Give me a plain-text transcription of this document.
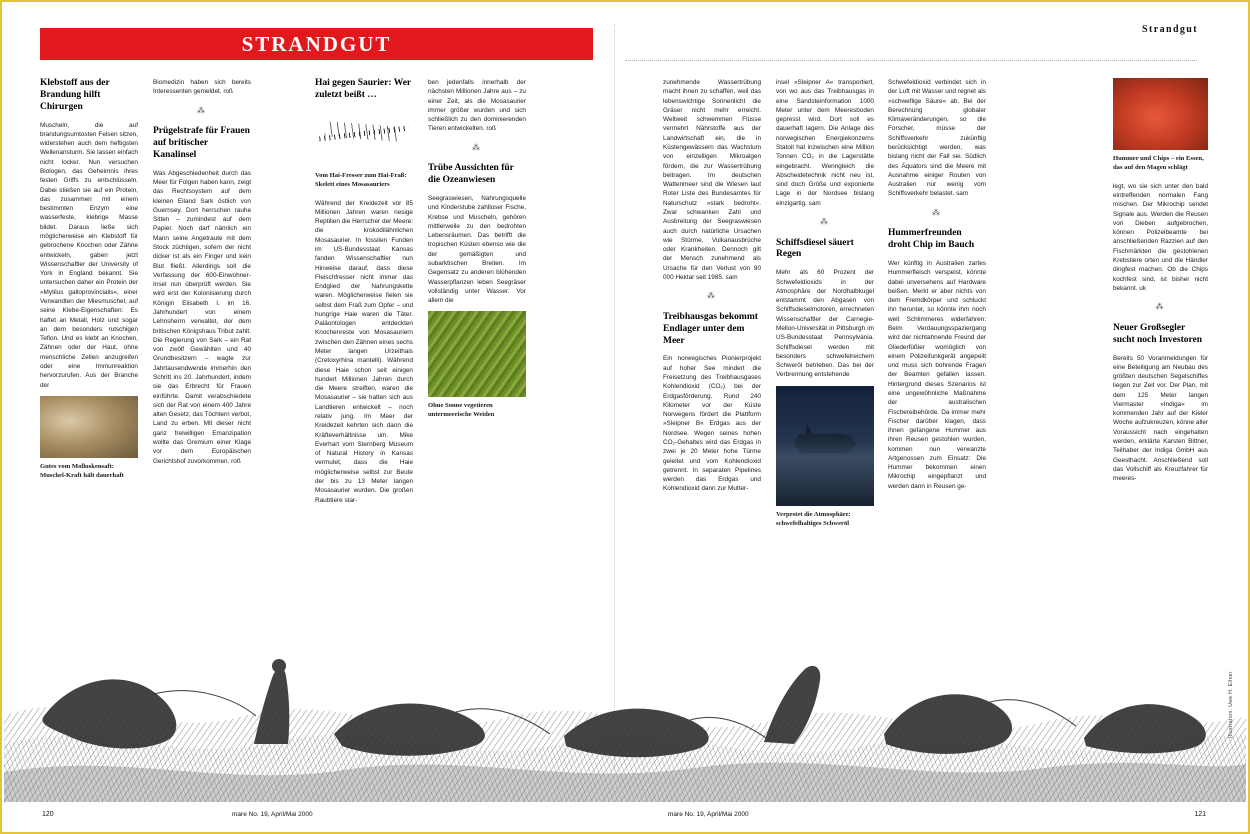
STRANDGUT
Strandgut
Klebstoff aus der Brandung hilft Chirurgen

Muscheln, die auf brandungsumtosten Felsen sitzen, widerstehen auch dem heftigsten Wellenansturm. Sie lassen einfach nicht locker. Nun versuchen Biologen, das Geheimnis ihres festen Griffs zu entschlüsseln. Dabei stießen sie auf ein Protein, das zusammen mit einem bestimmten Enzym eine wasserfeste, klebrige Masse bildet. Daraus ließe sich möglicherweise ein Klebstoff für gebrochene Knochen oder Zähne entwickeln, gaben jetzt Wissenschaftler der University of York in England bekannt. Sie untersuchen daher ein Protein der »Mytilus galloprovincialis«, einer Verwandten der Miesmuschel, auf seine Klebe-Eigenschaften: Es haftet an Metall, Holz und sogar an dem besonders rutschigen Teflon. Und es klebt an Knochen, Zähnen oder der Haut, ohne menschliche Zellen anzugreifen oder eine Immunreaktion hervorzurufen. Aus der Branche der

Gutes vom Molluskensaft: Muschel-Kraft hält dauerhaft

Biomedizin haben sich bereits Interessenten gemeldet. roß

⁂
Prügelstrafe für Frauen auf britischer Kanalinsel

Was Abgeschiedenheit durch das Meer für Folgen haben kann, zeigt das Rechtssystem auf dem kleinen Eiland Sark östlich von Guernsey. Dort herrschen rauhe Sitten – zumindest auf dem Papier. Noch darf nämlich ein Mann seine Angetraute mit dem Stock züchtigen, sofern der nicht dicker ist als ein Finger und kein Blut fließt. Allerdings soll die Verfassung der 600-Einwohner-Insel nun überprüft werden. Sie wird erst der Kolonisierung durch Königin Elisabeth I. im 16. Jahrhundert von einem Lehnsherrn verwaltet, der dem britischen Königshaus Tribut zahlt. Die Regierung von Sark – ein Rat von zwölf Gewählten und 40 Grundbesitzern – wagte zur Jahrtausendwende immerhin den Schritt ins 20. Jahrhundert, indem sie das Erbrecht für Frauen einführte. Damit verabschiedete sich der Rat von einem 400 Jahre alten Gesetz, das Töchtern verbot, Land zu erben. Mit dieser nicht ganz freiwilligen Emanzipation wollte das Gremium einer Klage vor dem Europäischen Gerichtshof zuvorkommen. roß

Hai gegen Saurier: Wer zuletzt beißt …
Vom Hai-Fresser zum Hai-Fraß: Skelett eines Mosasauriers

Während der Kreidezeit vor 85 Millionen Jahren waren riesige Reptilien die Herrscher der Meere: die krokodilähnlichen Mosasaurier. In fossilen Funden im US-Bundesstaat Kansas fanden Wissenschaftler nun Hinweise darauf, dass diese Fleischfresser nicht immer das Endglied der Nahrungskette waren. Möglicherweise fielen sie selbst dem Fraß zum Opfer – und hungrige Haie waren die Täter. Paläontologen entdeckten Knochenreste von Mosasauriern zwischen den Zähnen eines sechs Meter langen Urzeithais (Cretoxyrhina mantelli). Während diese Haie schon seit einigen hundert Millionen Jahren durch die Meere streiften, waren die Mosasaurier – sie hatten sich aus Landtieren entwickelt – noch relativ jung. Im Meer der Kreidezeit kehrten sich dann die Kräfteverhältnisse um. Mike Everhart vom Sternberg Museum of Natural History in Kansas vermutet, dass die Haie möglicherweise selbst zur Beute der bis zu 13 Meter langen Mosasaurier wurden. Die großen Raubtiere star-

ben jedenfalls innerhalb der nächsten Millionen Jahre aus – zu einer Zeit, als die Mosasaurier immer größer wurden und sich schließlich zu den dominierenden Tieren entwickelten. roß

⁂
Trübe Aussichten für die Ozeanwiesen

Seegraswiesen, Nahrungsquelle und Kinderstube zahlloser Fische, Krebse und Muscheln, gehören mittlerweile zu den bedrohten Lebensräumen. Das betrifft die tropischen Küsten ebenso wie die der gemäßigten und subarktischen Breiten. Im Gegensatz zu anderen blühenden Wasserpflanzen leben Seegräser vollständig unter Wasser. Vor allem die

Ohne Sonne vegetieren untermeerische Weiden

zunehmende Wassertrübung macht ihnen zu schaffen, weil das lebenswichtige Sonnenlicht die Gräser nicht mehr erreicht. Weltweit schwemmen Flüsse vermehrt Nährstoffe aus der Landwirtschaft ein, die in Küstengewässern das Wachstum von einzelligen Mikroalgen fördern, die zur Wassertrübung beitragen. Im deutschen Wattenmeer sind die Wiesen laut Roter Liste des Bundesamtes für Naturschutz »stark bedroht«. Zwar schwanken Zahl und Ausbreitung der Seegraswiesen auch durch natürliche Ursachen wie Stürme, Vulkanausbrüche oder Krankheiten. Dennoch gilt der Mensch zunehmend als Ursache für den Verlust von 90 000 Hektar seit 1985. sam

⁂
Treibhausgas bekommt Endlager unter dem Meer

Ein norwegisches Pionierprojekt auf hoher See mindert die Freisetzung des Treibhausgases Kohlendioxid (CO₂) bei der Erdgasförderung. Rund 240 Kilometer vor der Küste Norwegens fördert die Plattform »Sleipner B« Erdgas aus der Nordsee. Wegen seines hohen CO₂-Gehaltes wird das Erdgas in zwei je 20 Meter hohe Türme geleitet und vom Kohlendioxid getrennt. In separaten Pipelines werden das Erdgas und Kohlendioxid dann zur Mutter-

insel »Sleipner A« transportiert, von wo aus das Treibhausgas in eine Sandsteinformation 1000 Meter unter dem Meeresboden gepresst wird. Dort soll es dauerhaft lagern. Die Anlage des norwegischen Energiekonzerns Statoil hat inzwischen eine Million Tonnen CO₂ in die Lagerstätte eingebracht. Wenngleich die Abscheidetechnik nicht neu ist, sind doch Größe und exponierte Lage in der Nordsee bislang einzigartig. sam

⁂
Schiffsdiesel säuert Regen

Mehr als 60 Prozent der Schwefeldioxids in der Atmosphäre der Nordhalbkugel entstammt den Abgasen von Schiffsdieselmotoren, errechneten Wissenschaftler der Carnegie-Mellon-Universität in Pittsburgh im US-Bundesstaat Pennsylvania. Schiffsdiesel werden mit besonders schwefelreichem Schweröl betrieben. Das bei der Verbrennung entstehende

Verpestet die Atmosphäre: schwefelhaltiges Schweröl

Schwefeldioxid verbindet sich in der Luft mit Wasser und regnet als »schweflige Säure« ab. Bei der Berechnung globaler Klimaveränderungen, so die Forscher, müsse der Schiffsverkehr zukünftig berücksichtigt werden, was bislang nicht der Fall sei. Südlich des Äquators sind die Meere mit Ausnahme einiger Routen von Australien nur wenig vom Schiffsverkehr belastet. sam

⁂
Hummerfreunden droht Chip im Bauch

Wer künftig in Australien zartes Hummerfleisch verspeist, könnte dabei unversehens auf Hardware beißen. Merkt er aber nichts von dem Fremdkörper und schluckt ihn herunter, so könnte ihm noch weit Schlimmeres widerfahren: Beim Verdauungsspaziergang wird der nichtahnende Freund der Gliederfüßler womöglich von einem Polizeifunkgerät angepeilt und muss sich bohrende Fragen der Beamten gefallen lassen. Hintergrund dieses Szenarios ist eine ungewöhnliche Maßnahme der australischen Fischereibehörde. Da immer mehr Fischer darüber klagen, dass ihnen gefangene Hummer aus ihren Reusen gestohlen wurden, kommen nun verwanzte Artgenossen zum Einsatz: Die Hummer bekommen einen Mikrochip eingepflanzt und werden dann in Reusen ge-

Hummer und Chips – ein Essen, das auf den Magen schlägt

legt, wo sie sich unter den bald eintreffenden normalen Fang mischen. Der Mikrochip sendet Signale aus. Werden die Reusen von Dieben aufgebrochen, können Polizeibeamte bei anschließenden Razzien auf den Fischmärkten die gestohlenen Krebstiere orten und die Händler dingfest machen. Ob die Chips kochfest sind, ist bisher nicht bekannt. uk

⁂
Neuer Großsegler sucht noch Investoren

Bereits 50 Voranmeldungen für eine Beteiligung am Neubau des größten deutschen Segelschiffes liegen zur Zeit vor. Der Plan, mit dem 125 Meter langen Viermaster »Indiga« im kommenden Jahr auf der Kieler Woche aufzukreuzen, könne aller Voraussicht nach eingehalten werden, erklärte Karsten Bittner, Teilhaber der Indiga GmbH aus Geesthacht. Anschließend soll das Vollschiff als Kreuzfahrer für meeres-

Illustration: Uwe H. Ellner
120	mare No. 19, April/Mai 2000	mare No. 19, April/Mai 2000	121
